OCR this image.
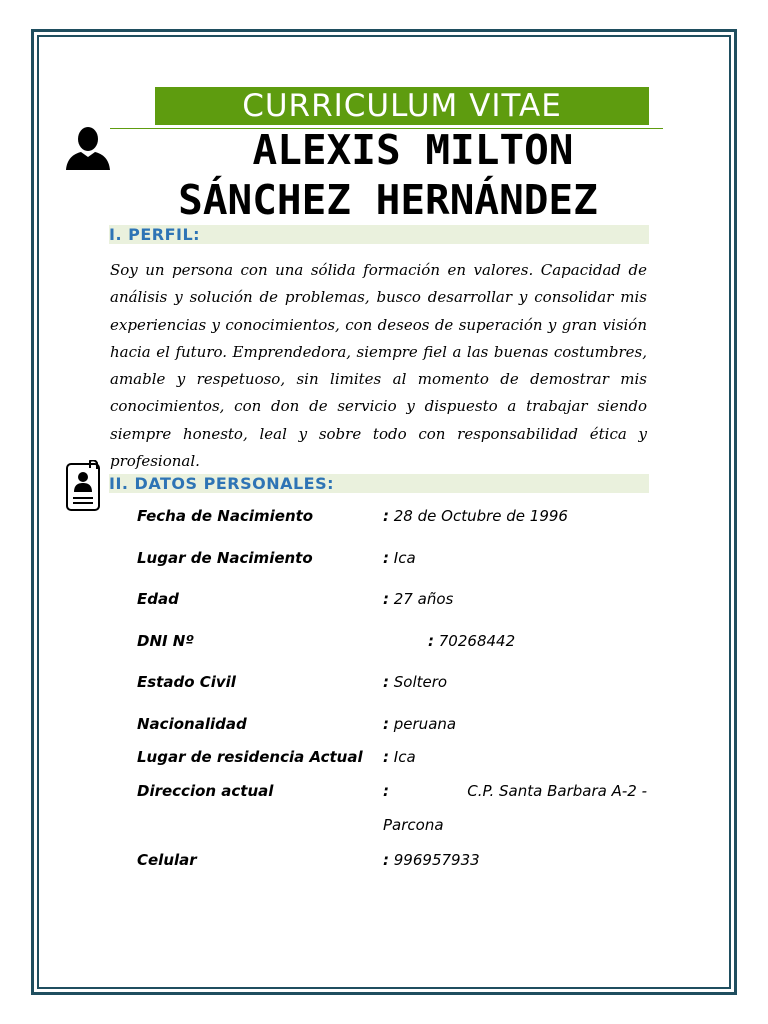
CURRICULUM VITAE
ALEXIS MILTON
SÁNCHEZ HERNÁNDEZ
I. PERFIL:

Soy un persona con una sólida formación en valores. Capacidad de análisis y solución de problemas, busco desarrollar y consolidar mis experiencias y conocimientos, con deseos de superación y gran visión hacia el futuro. Emprendedora, siempre fiel a las buenas costumbres, amable y respetuoso, sin limites al momento de demostrar mis conocimientos, con don de servicio y dispuesto a trabajar siendo siempre honesto, leal y sobre todo con responsabilidad ética y profesional.

II. DATOS PERSONALES:
Fecha de Nacimiento	: 28 de Octubre de 1996
Lugar de Nacimiento	: Ica
Edad	: 27 años
DNI Nº	: 70268442
Estado Civil	: Soltero
Nacionalidad	: peruana
Lugar de residencia Actual : Ica
Direccion actual	:	C.P. Santa Barbara A-2 -
Parcona
Celular	: 996957933
